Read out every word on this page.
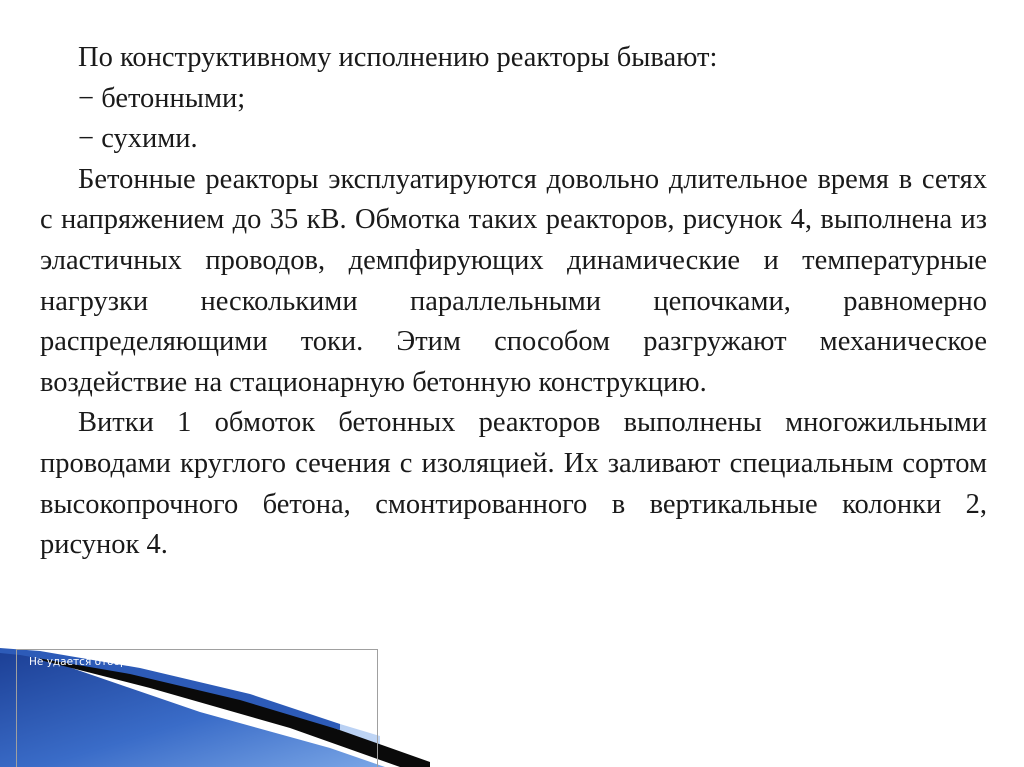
Не удается отобразить рисунок.

По конструктивному исполнению реакторы бывают:

− бетонными;

− сухими.

Бетонные реакторы эксплуатируются довольно длительное время в сетях с напряжением до 35 кВ. Обмотка таких реакторов, рисунок 4, выполнена из эластичных проводов, демпфирующих динамические и температурные нагрузки несколькими параллельными цепочками, равномерно распределяющими токи. Этим способом разгружают механическое воздействие на стационарную бетонную конструкцию.

Витки 1 обмоток бетонных реакторов выполнены многожильными проводами круглого сечения с изоляцией. Их заливают специальным сортом высокопрочного бетона, смонтированного в вертикальные колонки 2, рисунок 4.
